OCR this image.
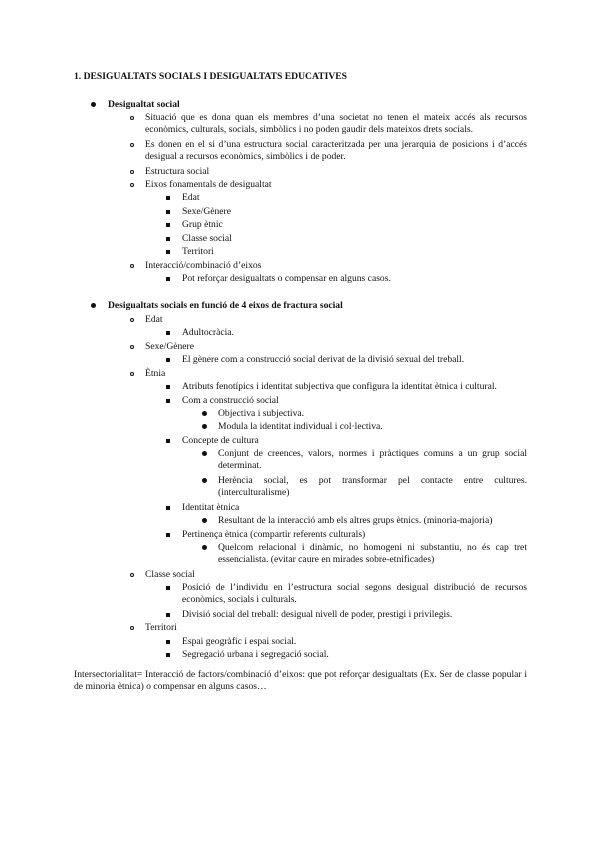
1. DESIGUALTATS SOCIALS I DESIGUALTATS EDUCATIVES
Desigualtat social
Situació que es dona quan els membres d’una societat no tenen el mateix accés als recursos econòmics, culturals, socials, simbòlics i no poden gaudir dels mateixos drets socials.
Es donen en el si d’una estructura social caracteritzada per una jerarquia de posicions i d’accés desigual a recursos econòmics, simbòlics i de poder.
Estructura social
Eixos fonamentals de desigualtat
Edat
Sexe/Gènere
Grup ètnic
Classe social
Territori
Interacció/combinació d’eixos
Pot reforçar desigualtats o compensar en alguns casos.
Desigualtats socials en funció de 4 eixos de fractura social
Edat
Adultocràcia.
Sexe/Gènere
El gènere com a construcció social derivat de la divisió sexual del treball.
Ètnia
Atributs fenotípics i identitat subjectiva que configura la identitat ètnica i cultural.
Com a construcció social
Objectiva i subjectiva.
Modula la identitat individual i col·lectiva.
Concepte de cultura
Conjunt de creences, valors, normes i pràctiques comuns a un grup social determinat.
Herència social, es pot transformar pel contacte entre cultures. (interculturalisme)
Identitat ètnica
Resultant de la interacció amb els altres grups ètnics. (minoria-majoria)
Pertinença ètnica (compartir referents culturals)
Quelcom relacional i dinàmic, no homogeni ni substantiu, no és cap tret essencialista. (evitar caure en mirades sobre-etnificades)
Classe social
Posició de l’individu en l’estructura social segons desigual distribució de recursos econòmics, socials i culturals.
Divisió social del treball: desigual nivell de poder, prestigi i privilegis.
Territori
Espai geogràfic i espai social.
Segregació urbana i segregació social.
Intersectorialitat= Interacció de factors/combinació d’eixos: que pot reforçar desigualtats (Ex. Ser de classe popular i de minoria ètnica) o compensar en alguns casos…
